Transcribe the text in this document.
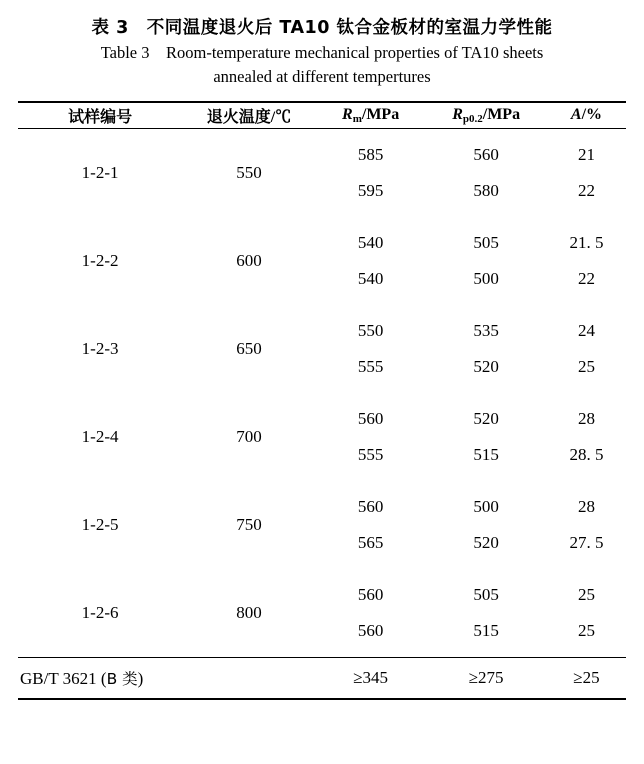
表 3　不同温度退火后 TA10 钛合金板材的室温力学性能
Table 3　Room-temperature mechanical properties of TA10 sheets
annealed at different tempertures

试样编号	退火温度/℃	$R_m$/MPa	$R_{p0.2}$/MPa	A/%

1-2-1	550	585	560	21
		595	580	22
1-2-2	600	540	505	21. 5
		540	500	22
1-2-3	650	550	535	24
		555	520	25
1-2-4	700	560	520	28
		555	515	28. 5
1-2-5	750	560	500	28
		565	520	27. 5
1-2-6	800	560	505	25
		560	515	25

GB/T 3621 (B 类)		≥345	≥275	≥25
